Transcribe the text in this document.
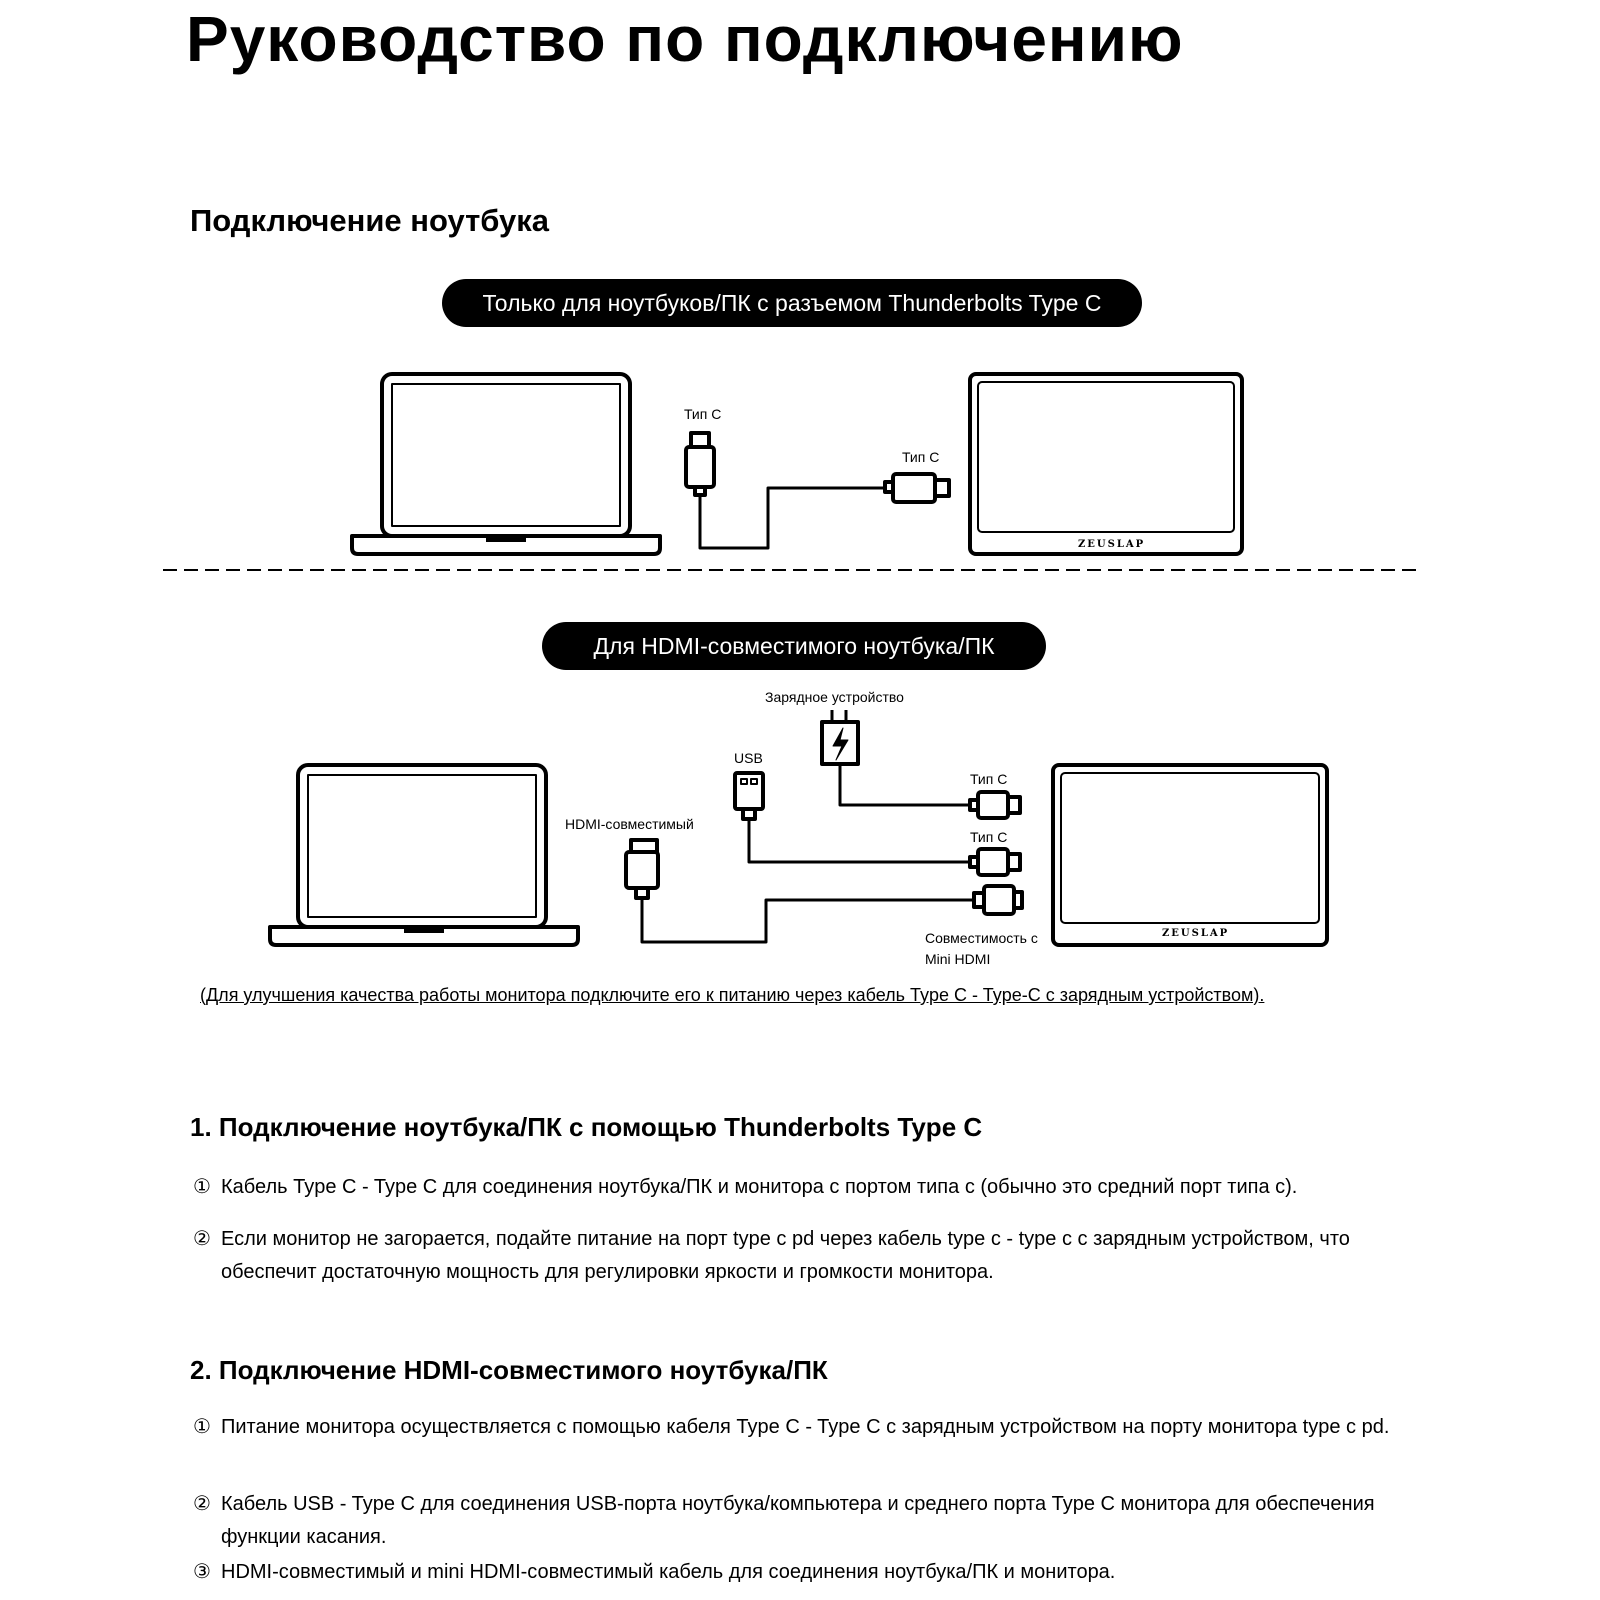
Руководство по подключению
Подключение ноутбука
Только для ноутбуков/ПК с разъемом Thunderbolts Type C
Тип C
Тип C
ZEUSLAP
Для HDMI-совместимого ноутбука/ПК
Зарядное устройство
USB
HDMI-совместимый
Тип C
Тип C
Совместимость с
Mini HDMI
ZEUSLAP
(Для улучшения качества работы монитора подключите его к питанию через кабель Type C - Type-C с зарядным устройством).
1. Подключение ноутбука/ПК с помощью Thunderbolts Type C
① Кабель Type C - Type C для соединения ноутбука/ПК и монитора с портом типа с (обычно это средний порт типа с).
② Если монитор не загорается, подайте питание на порт type c pd через кабель type c - type c с зарядным устройством, что обеспечит достаточную мощность для регулировки яркости и громкости монитора.
2. Подключение HDMI-совместимого ноутбука/ПК
① Питание монитора осуществляется с помощью кабеля Type C - Type C с зарядным устройством на порту монитора type c pd.
② Кабель USB - Type C для соединения USB-порта ноутбука/компьютера и среднего порта Type C монитора для обеспечения функции касания.
③ HDMI-совместимый и mini HDMI-совместимый кабель для соединения ноутбука/ПК и монитора.
